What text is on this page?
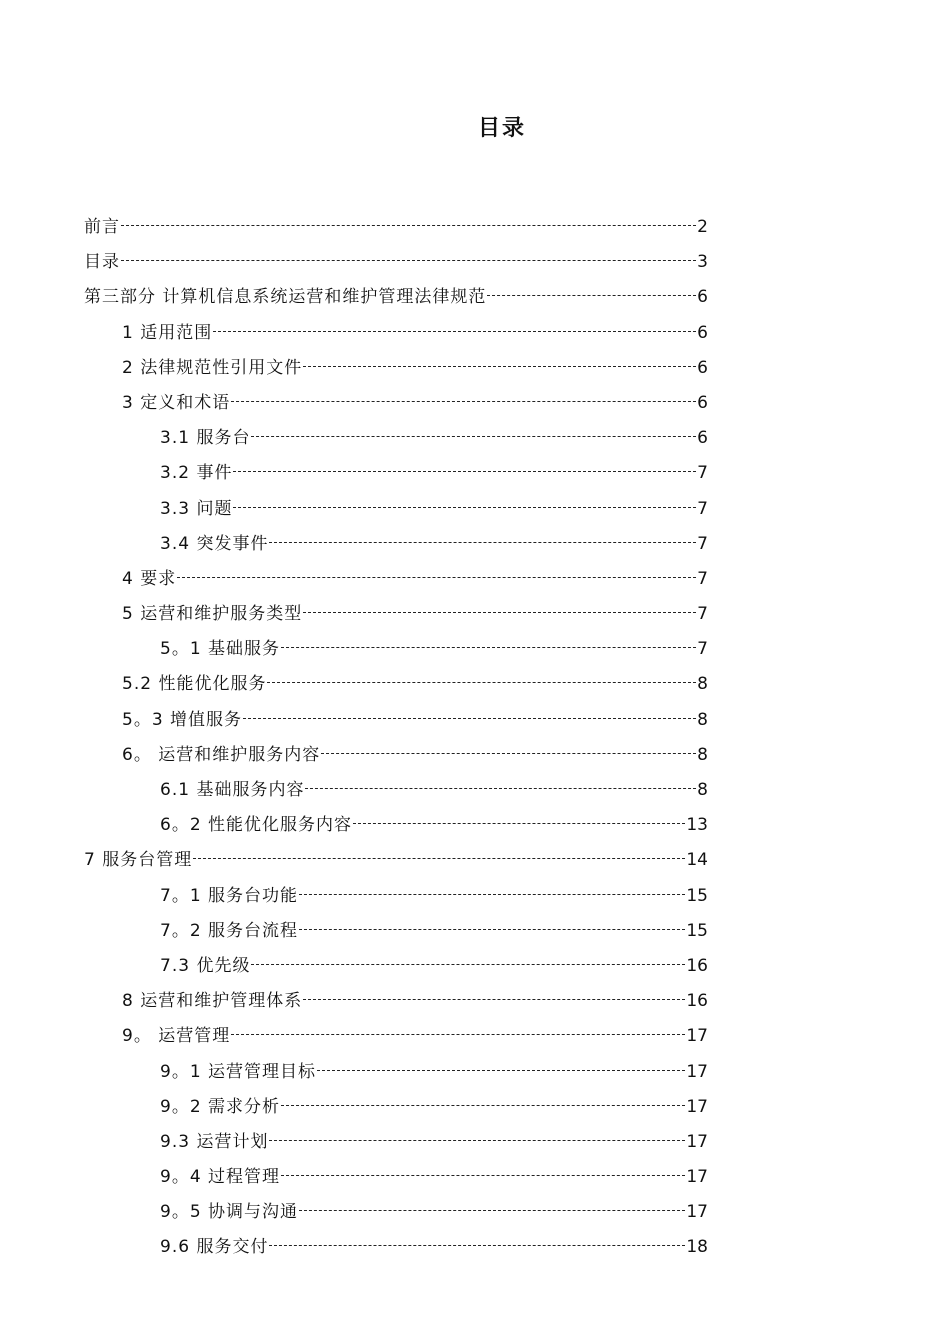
目录
前言	2
目录	3
第三部分 计算机信息系统运营和维护管理法律规范	6
1 适用范围	6
2 法律规范性引用文件	6
3 定义和术语	6
3.1 服务台	6
3.2 事件	7
3.3 问题	7
3.4 突发事件	7
4 要求	7
5 运营和维护服务类型	7
5。1 基础服务	7
5.2 性能优化服务	8
5。3 增值服务	8
6。 运营和维护服务内容	8
6.1 基础服务内容	8
6。2 性能优化服务内容	13
7 服务台管理	14
7。1 服务台功能	15
7。2 服务台流程	15
7.3 优先级	16
8 运营和维护管理体系	16
9。 运营管理	17
9。1 运营管理目标	17
9。2 需求分析	17
9.3 运营计划	17
9。4 过程管理	17
9。5 协调与沟通	17
9.6 服务交付	18
